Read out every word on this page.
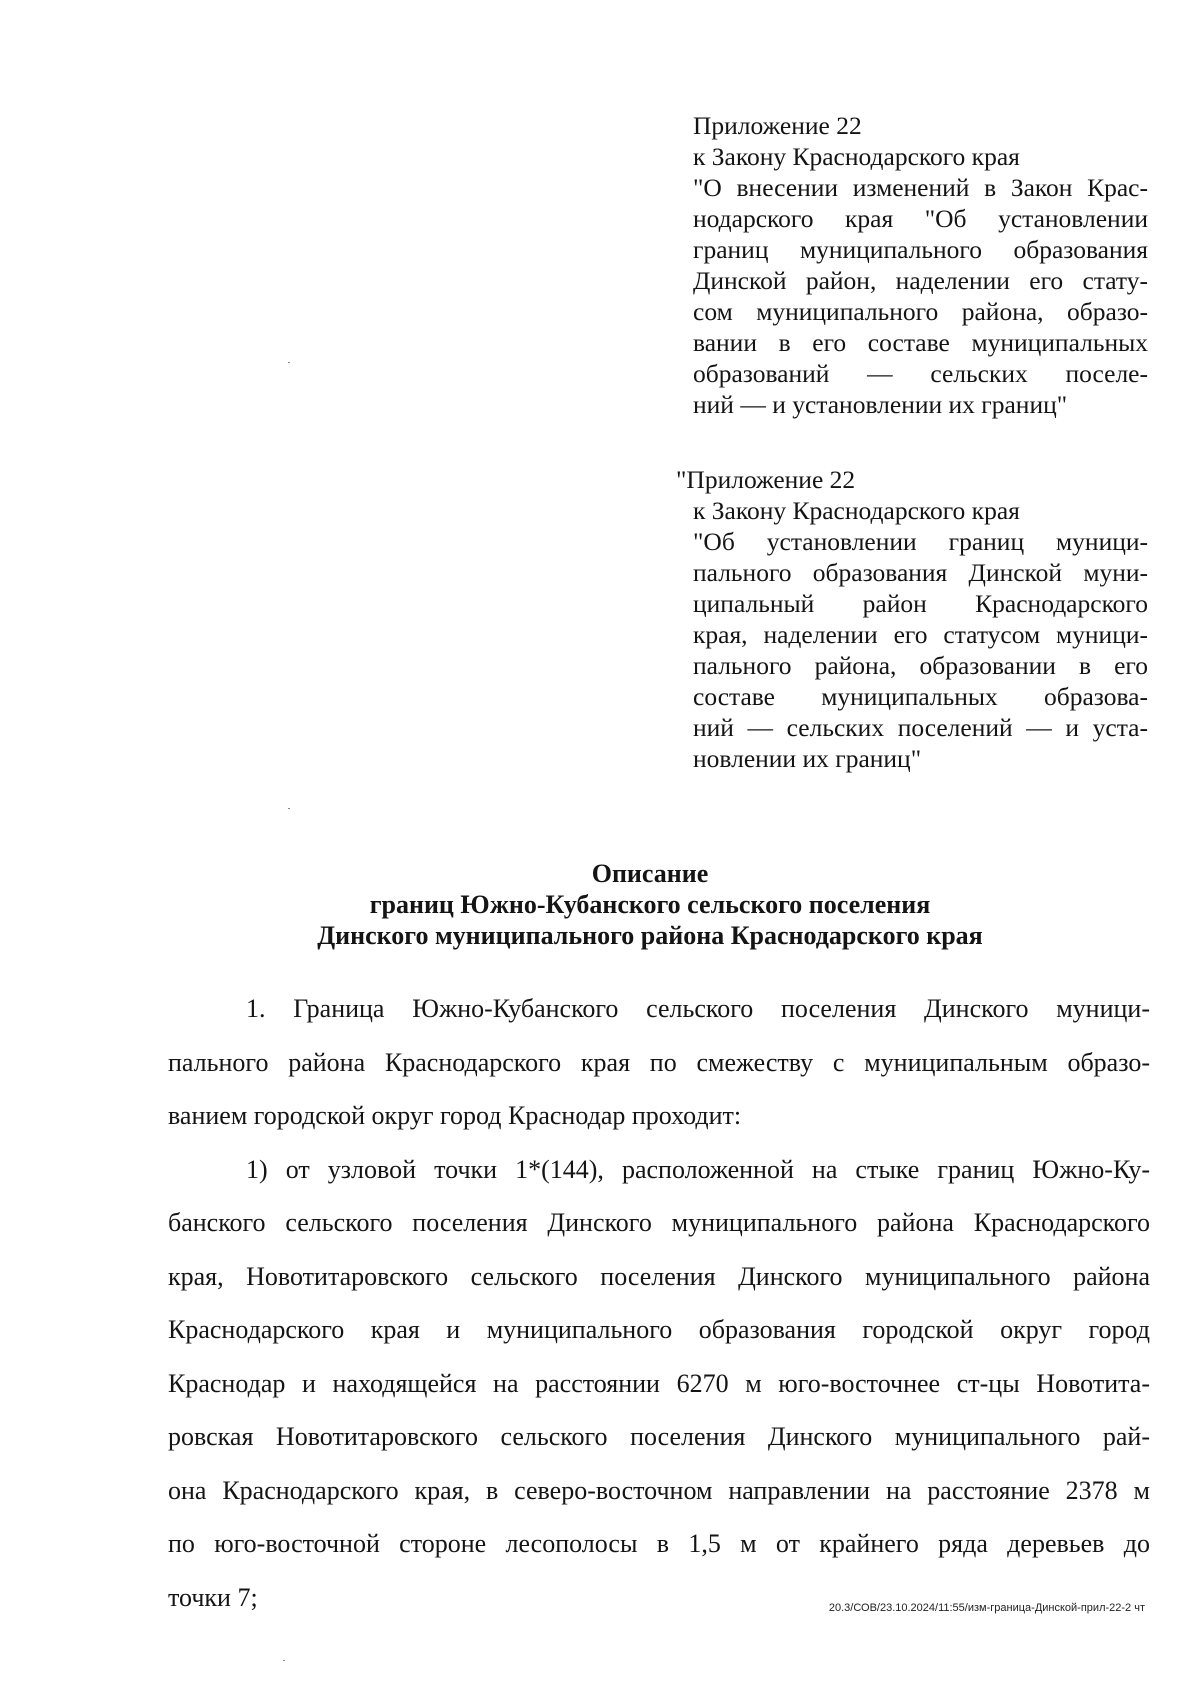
Приложение 22
к Закону Краснодарского края
"О внесении изменений в Закон Крас-
нодарского края "Об установлении
границ муниципального образования
Динской район, наделении его стату-
сом муниципального района, образо-
вании в его составе муниципальных
образований — сельских поселе-
ний — и установлении их границ"
"Приложение 22
к Закону Краснодарского края
"Об установлении границ муници-
пального образования Динской муни-
ципальный район Краснодарского
края, наделении его статусом муници-
пального района, образовании в его
составе муниципальных образова-
ний — сельских поселений — и уста-
новлении их границ"
Описание
границ Южно-Кубанского сельского поселения
Динского муниципального района Краснодарского края
1. Граница Южно-Кубанского сельского поселения Динского муници-
пального района Краснодарского края по смежеству с муниципальным образо-
ванием городской округ город Краснодар проходит:
1) от узловой точки 1*(144), расположенной на стыке границ Южно-Ку-
банского сельского поселения Динского муниципального района Краснодарского
края, Новотитаровского сельского поселения Динского муниципального района
Краснодарского края и муниципального образования городской округ город
Краснодар и находящейся на расстоянии 6270 м юго-восточнее ст-цы Новотита-
ровская Новотитаровского сельского поселения Динского муниципального рай-
она Краснодарского края, в северо-восточном направлении на расстояние 2378 м
по юго-восточной стороне лесополосы в 1,5 м от крайнего ряда деревьев до
точки 7;	20.3/СОВ/23.10.2024/11:55/изм-граница-Динской-прил-22-2 чт
